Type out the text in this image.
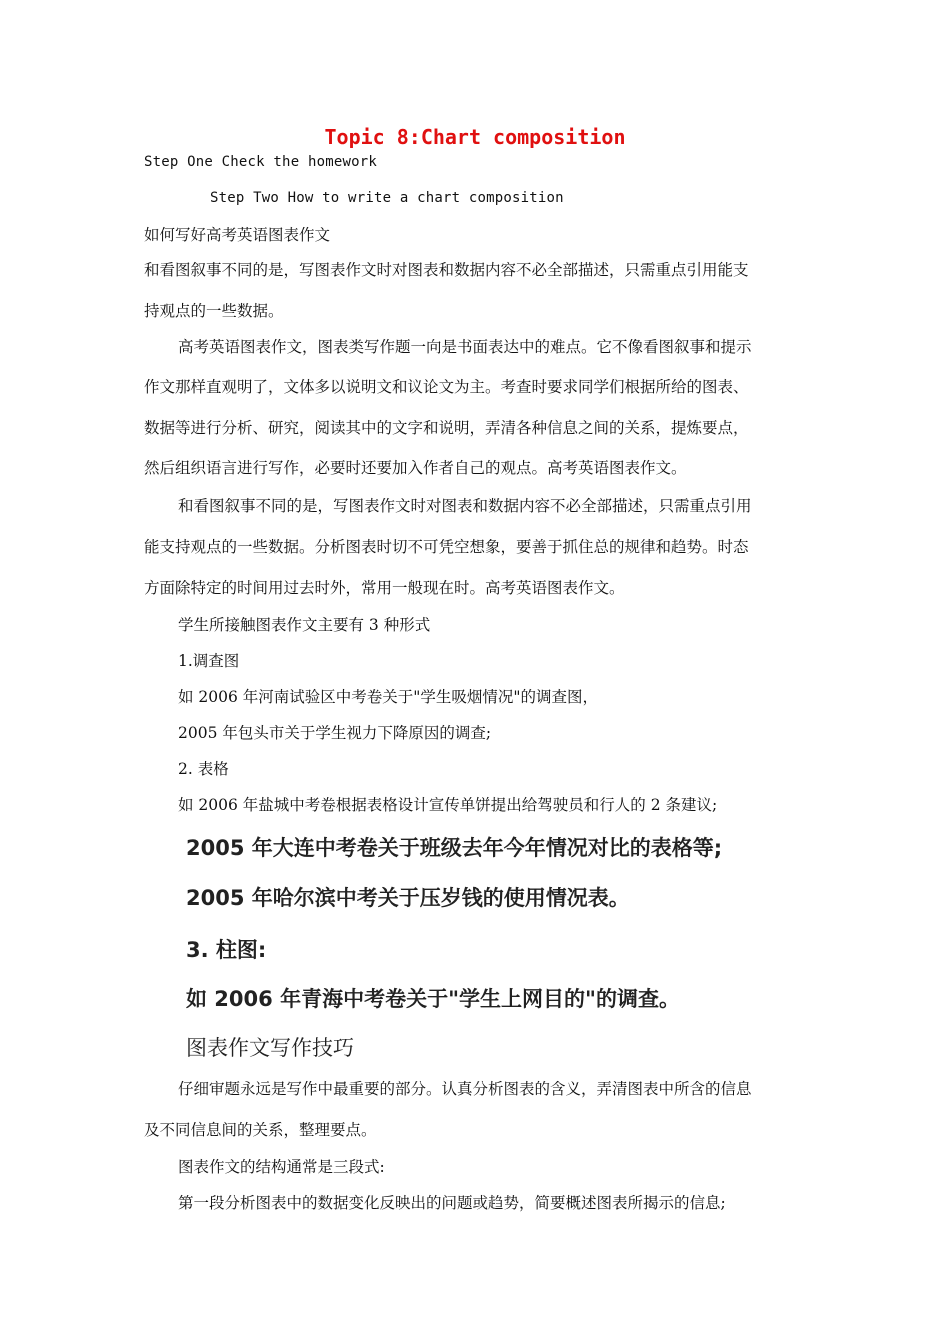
Topic 8:Chart composition
Step One Check the homework
Step Two How to write a chart composition
如何写好高考英语图表作文
和看图叙事不同的是，写图表作文时对图表和数据内容不必全部描述，只需重点引用能支
持观点的一些数据。
高考英语图表作文，图表类写作题一向是书面表达中的难点。它不像看图叙事和提示
作文那样直观明了，文体多以说明文和议论文为主。考查时要求同学们根据所给的图表、
数据等进行分析、研究，阅读其中的文字和说明，弄清各种信息之间的关系，提炼要点，
然后组织语言进行写作，必要时还要加入作者自己的观点。高考英语图表作文。
和看图叙事不同的是，写图表作文时对图表和数据内容不必全部描述，只需重点引用
能支持观点的一些数据。分析图表时切不可凭空想象，要善于抓住总的规律和趋势。时态
方面除特定的时间用过去时外，常用一般现在时。高考英语图表作文。
学生所接触图表作文主要有 3 种形式
1.调查图
如 2006 年河南试验区中考卷关于"学生吸烟情况"的调查图，
2005 年包头市关于学生视力下降原因的调查;
2. 表格
如 2006 年盐城中考卷根据表格设计宣传单饼提出给驾驶员和行人的 2 条建议;
2005 年大连中考卷关于班级去年今年情况对比的表格等;
2005 年哈尔滨中考关于压岁钱的使用情况表。
3. 柱图:
如 2006 年青海中考卷关于"学生上网目的"的调查。
图表作文写作技巧
仔细审题永远是写作中最重要的部分。认真分析图表的含义，弄清图表中所含的信息
及不同信息间的关系，整理要点。
图表作文的结构通常是三段式:
第一段分析图表中的数据变化反映出的问题或趋势，简要概述图表所揭示的信息;
